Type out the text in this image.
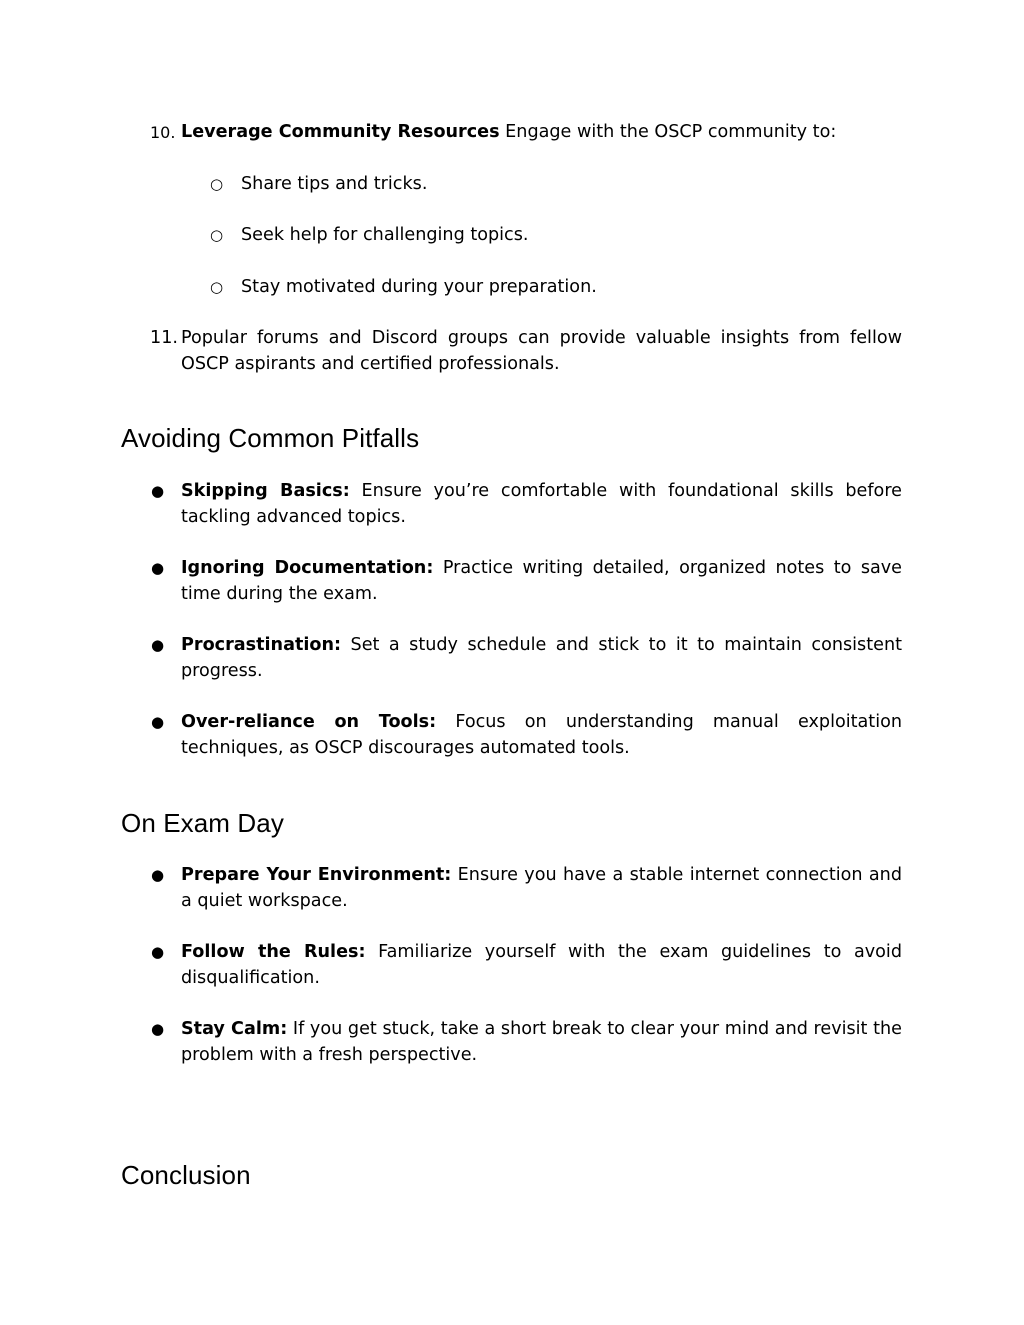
10. Leverage Community Resources Engage with the OSCP community to:
○ Share tips and tricks.
○ Seek help for challenging topics.
○ Stay motivated during your preparation.
11. Popular forums and Discord groups can provide valuable insights from fellow OSCP aspirants and certified professionals.
Avoiding Common Pitfalls
● Skipping Basics: Ensure you’re comfortable with foundational skills before tackling advanced topics.
● Ignoring Documentation: Practice writing detailed, organized notes to save time during the exam.
● Procrastination: Set a study schedule and stick to it to maintain consistent progress.
● Over-reliance on Tools: Focus on understanding manual exploitation techniques, as OSCP discourages automated tools.
On Exam Day
● Prepare Your Environment: Ensure you have a stable internet connection and a quiet workspace.
● Follow the Rules: Familiarize yourself with the exam guidelines to avoid disqualification.
● Stay Calm: If you get stuck, take a short break to clear your mind and revisit the problem with a fresh perspective.
Conclusion
